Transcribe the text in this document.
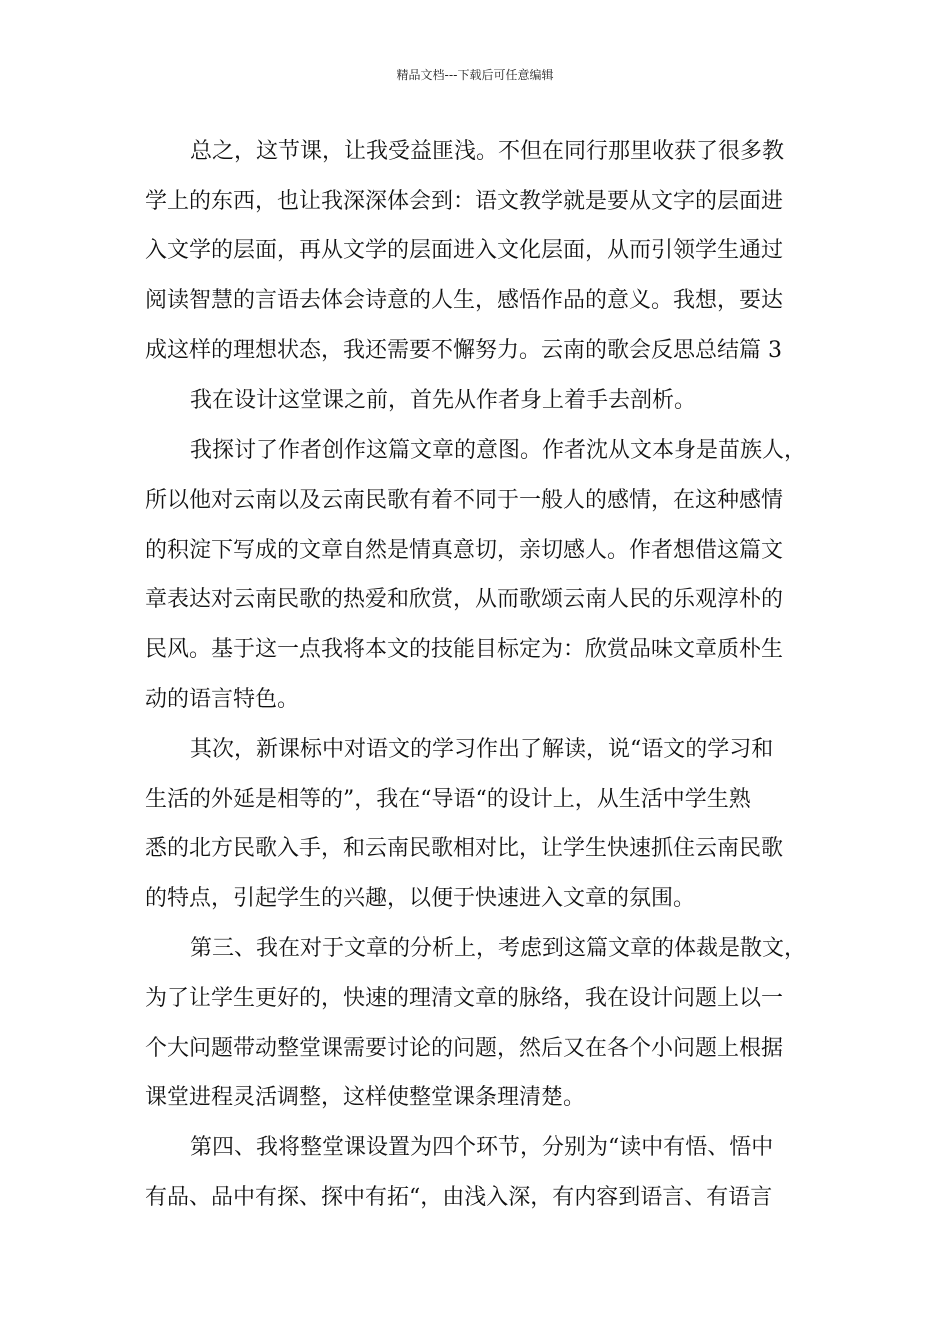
精品文档---下载后可任意编辑
总之，这节课，让我受益匪浅。不但在同行那里收获了很多教
学上的东西，也让我深深体会到：语文教学就是要从文字的层面进
入文学的层面，再从文学的层面进入文化层面，从而引领学生通过
阅读智慧的言语去体会诗意的人生，感悟作品的意义。我想，要达
成这样的理想状态，我还需要不懈努力。云南的歌会反思总结篇 3
我在设计这堂课之前，首先从作者身上着手去剖析。
我探讨了作者创作这篇文章的意图。作者沈从文本身是苗族人，
所以他对云南以及云南民歌有着不同于一般人的感情，在这种感情
的积淀下写成的文章自然是情真意切，亲切感人。作者想借这篇文
章表达对云南民歌的热爱和欣赏，从而歌颂云南人民的乐观淳朴的
民风。基于这一点我将本文的技能目标定为：欣赏品味文章质朴生
动的语言特色。
其次，新课标中对语文的学习作出了解读，说“语文的学习和
生活的外延是相等的”，我在“导语“的设计上，从生活中学生熟
悉的北方民歌入手，和云南民歌相对比，让学生快速抓住云南民歌
的特点，引起学生的兴趣，以便于快速进入文章的氛围。
第三、我在对于文章的分析上，考虑到这篇文章的体裁是散文，
为了让学生更好的，快速的理清文章的脉络，我在设计问题上以一
个大问题带动整堂课需要讨论的问题，然后又在各个小问题上根据
课堂进程灵活调整，这样使整堂课条理清楚。
第四、我将整堂课设置为四个环节，分别为“读中有悟、悟中
有品、品中有探、探中有拓“，由浅入深，有内容到语言、有语言
